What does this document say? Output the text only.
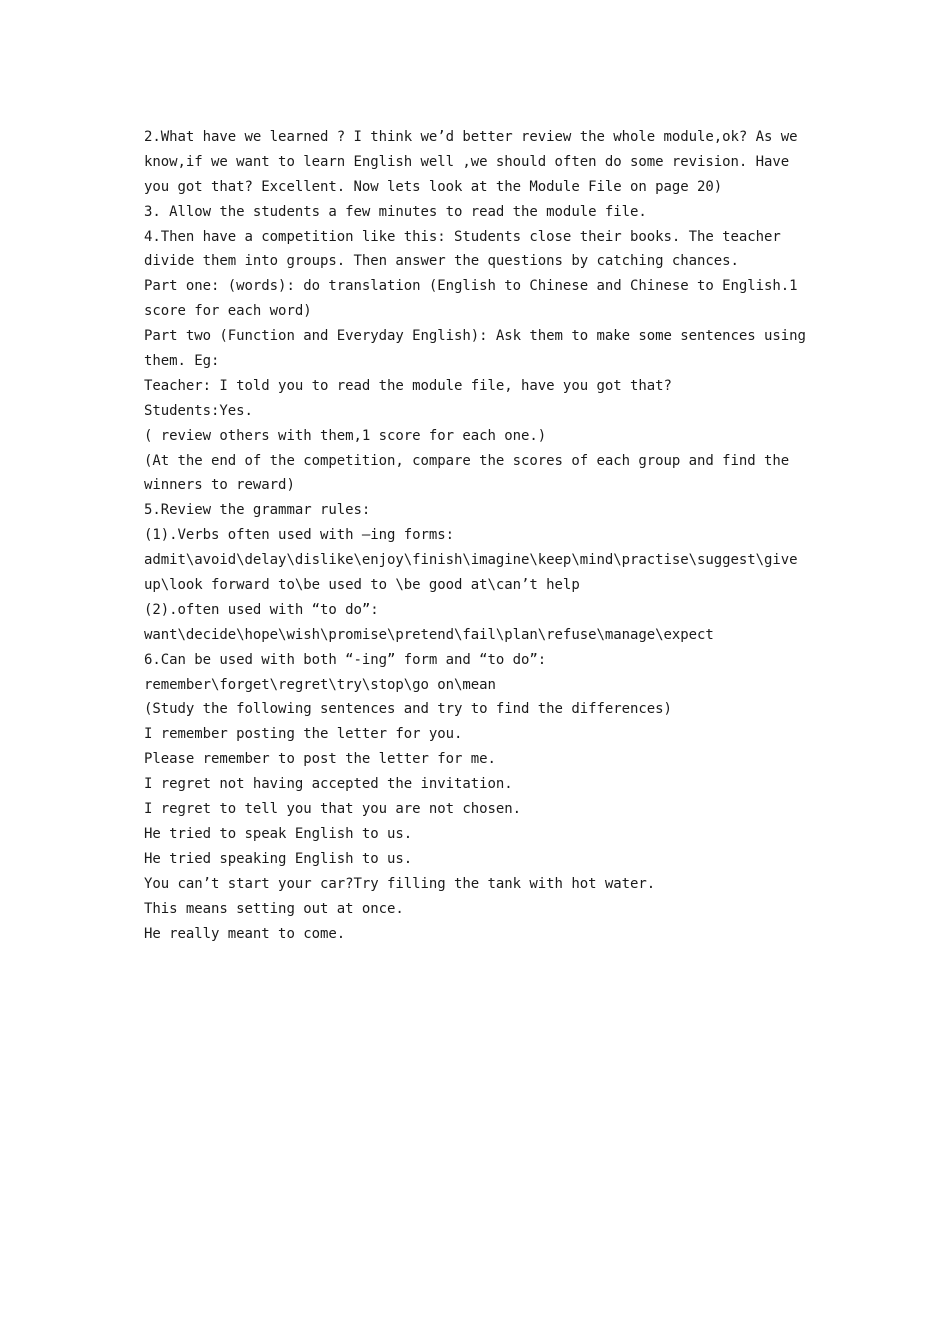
2.What have we learned ? I think we’d better review the whole module,ok? As we
know,if we want to learn English well ,we should often do some revision. Have
you got that? Excellent. Now lets look at the Module File on page 20)
3. Allow the students a few minutes to read the module file.
4.Then have a competition like this: Students close their books. The teacher
divide them into groups. Then answer the questions by catching chances.
Part one: (words): do translation (English to Chinese and Chinese to English.1
score for each word)
Part two (Function and Everyday English): Ask them to make some sentences using
them. Eg:
Teacher: I told you to read the module file, have you got that?
Students:Yes.
( review others with them,1 score for each one.)
(At the end of the competition, compare the scores of each group and find the
winners to reward)
5.Review the grammar rules:
(1).Verbs often used with –ing forms:
admit\avoid\delay\dislike\enjoy\finish\imagine\keep\mind\practise\suggest\give
up\look forward to\be used to \be good at\can’t help
(2).often used with “to do”:
want\decide\hope\wish\promise\pretend\fail\plan\refuse\manage\expect
6.Can be used with both “-ing” form and “to do”:
remember\forget\regret\try\stop\go on\mean
(Study the following sentences and try to find the differences)
I remember posting the letter for you.
Please remember to post the letter for me.
I regret not having accepted the invitation.
I regret to tell you that you are not chosen.
He tried to speak English to us.
He tried speaking English to us.
You can’t start your car?Try filling the tank with hot water.
This means setting out at once.
He really meant to come.
